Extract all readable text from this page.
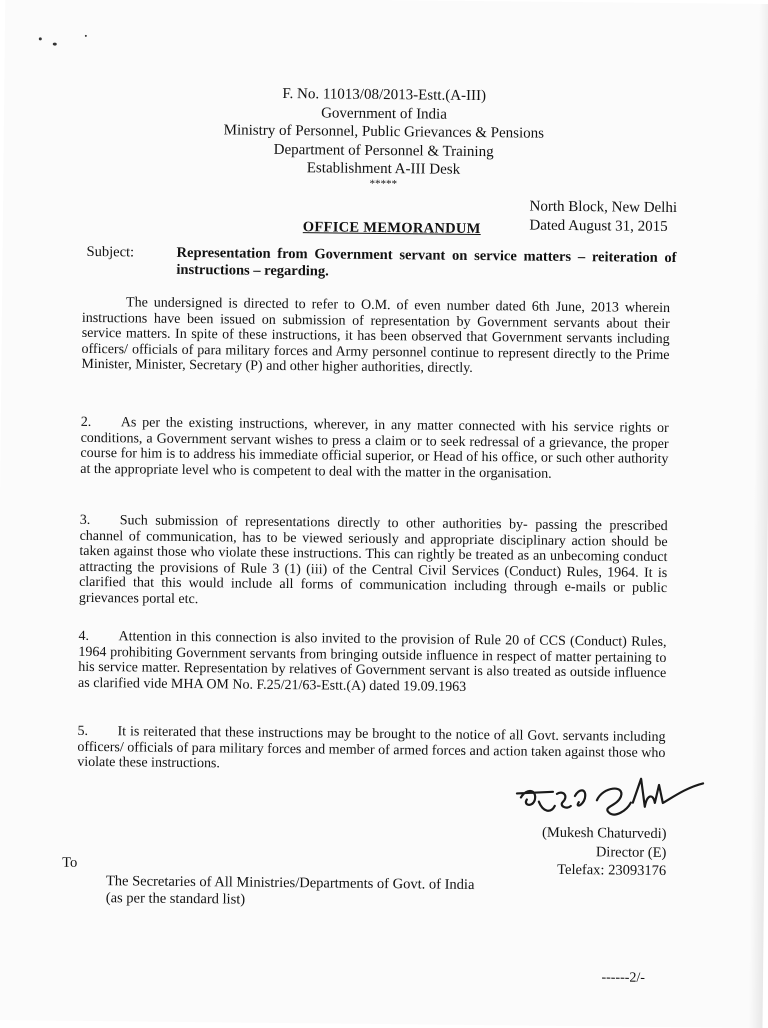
F. No. 11013/08/2013-Estt.(A-III)
Government of India
Ministry of Personnel, Public Grievances & Pensions
Department of Personnel & Training
Establishment A-III Desk
*****
North Block, New Delhi
Dated August 31, 2015
OFFICE MEMORANDUM
Subject:	Representation from Government servant on service matters – reiteration of instructions – regarding.
The undersigned is directed to refer to O.M. of even number dated 6th June, 2013 wherein instructions have been issued on submission of representation by Government servants about their service matters. In spite of these instructions, it has been observed that Government servants including officers/ officials of para military forces and Army personnel continue to represent directly to the Prime Minister, Minister, Secretary (P) and other higher authorities, directly.
2. As per the existing instructions, wherever, in any matter connected with his service rights or conditions, a Government servant wishes to press a claim or to seek redressal of a grievance, the proper course for him is to address his immediate official superior, or Head of his office, or such other authority at the appropriate level who is competent to deal with the matter in the organisation.
3. Such submission of representations directly to other authorities by- passing the prescribed channel of communication, has to be viewed seriously and appropriate disciplinary action should be taken against those who violate these instructions. This can rightly be treated as an unbecoming conduct attracting the provisions of Rule 3 (1) (iii) of the Central Civil Services (Conduct) Rules, 1964. It is clarified that this would include all forms of communication including through e-mails or public grievances portal etc.
4. Attention in this connection is also invited to the provision of Rule 20 of CCS (Conduct) Rules, 1964 prohibiting Government servants from bringing outside influence in respect of matter pertaining to his service matter. Representation by relatives of Government servant is also treated as outside influence as clarified vide MHA OM No. F.25/21/63-Estt.(A) dated 19.09.1963
5. It is reiterated that these instructions may be brought to the notice of all Govt. servants including officers/ officials of para military forces and member of armed forces and action taken against those who violate these instructions.
(Mukesh Chaturvedi)
Director (E)
Telefax: 23093176
To
The Secretaries of All Ministries/Departments of Govt. of India
(as per the standard list)
------2/-
